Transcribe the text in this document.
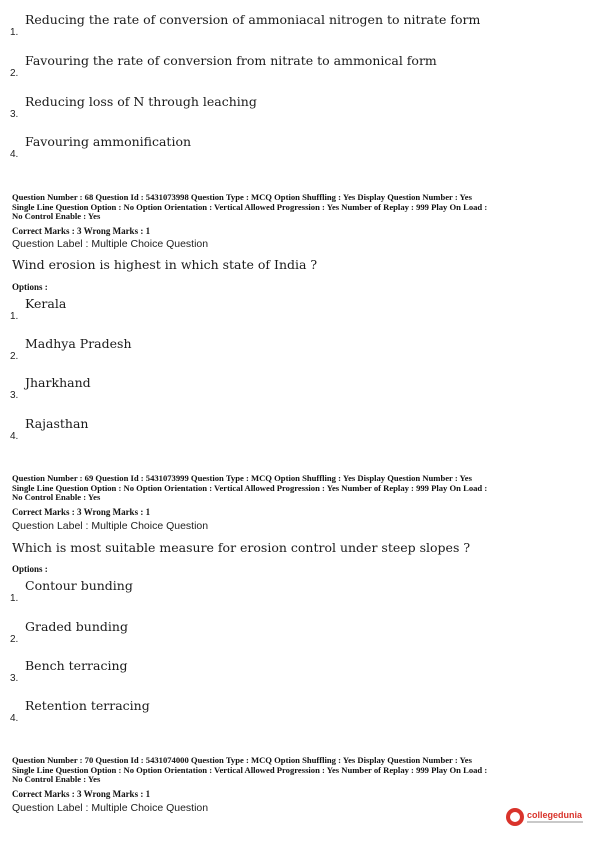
1.
Reducing the rate of conversion of ammoniacal nitrogen to nitrate form
2.
Favouring the rate of conversion from nitrate to ammonical form
3.
Reducing loss of N through leaching
4.
Favouring ammonification
Question Number : 68 Question Id : 5431073998 Question Type : MCQ Option Shuffling : Yes Display Question Number : Yes
Single Line Question Option : No Option Orientation : Vertical Allowed Progression : Yes Number of Replay : 999 Play On Load :
No Control Enable : Yes
Correct Marks : 3 Wrong Marks : 1
Question Label : Multiple Choice Question
Wind erosion is highest in which state of India ?
Options :
1.
Kerala
2.
Madhya Pradesh
3.
Jharkhand
4.
Rajasthan
Question Number : 69 Question Id : 5431073999 Question Type : MCQ Option Shuffling : Yes Display Question Number : Yes
Single Line Question Option : No Option Orientation : Vertical Allowed Progression : Yes Number of Replay : 999 Play On Load :
No Control Enable : Yes
Correct Marks : 3 Wrong Marks : 1
Question Label : Multiple Choice Question
Which is most suitable measure for erosion control under steep slopes ?
Options :
1.
Contour bunding
2.
Graded bunding
3.
Bench terracing
4.
Retention terracing
Question Number : 70 Question Id : 5431074000 Question Type : MCQ Option Shuffling : Yes Display Question Number : Yes
Single Line Question Option : No Option Orientation : Vertical Allowed Progression : Yes Number of Replay : 999 Play On Load :
No Control Enable : Yes
Correct Marks : 3 Wrong Marks : 1
Question Label : Multiple Choice Question
collegedunia
